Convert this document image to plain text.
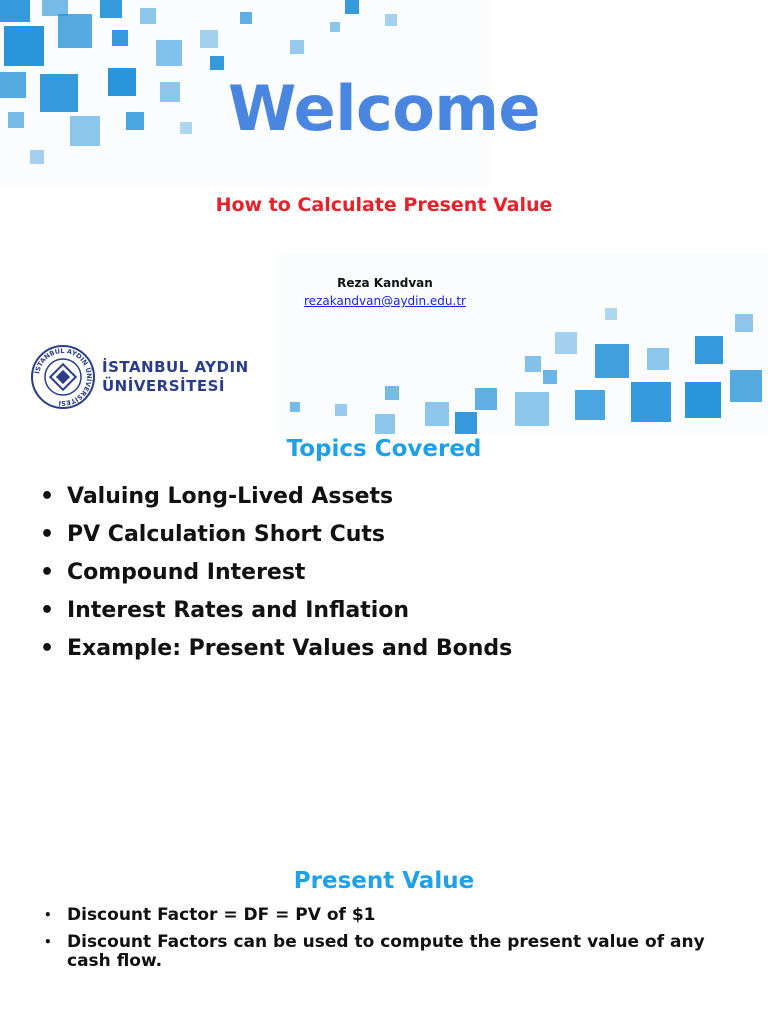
Welcome
How to Calculate Present Value
Reza Kandvan
rezakandvan@aydin.edu.tr
İSTANBUL AYDIN ÜNİVERSİTESİ
İSTANBUL AYDIN
ÜNİVERSİTESİ
Topics Covered
• Valuing Long-Lived Assets
• PV Calculation Short Cuts
• Compound Interest
• Interest Rates and Inflation
• Example: Present Values and Bonds
Present Value
• Discount Factor = DF = PV of $1
• Discount Factors can be used to compute the present value of any cash flow.
